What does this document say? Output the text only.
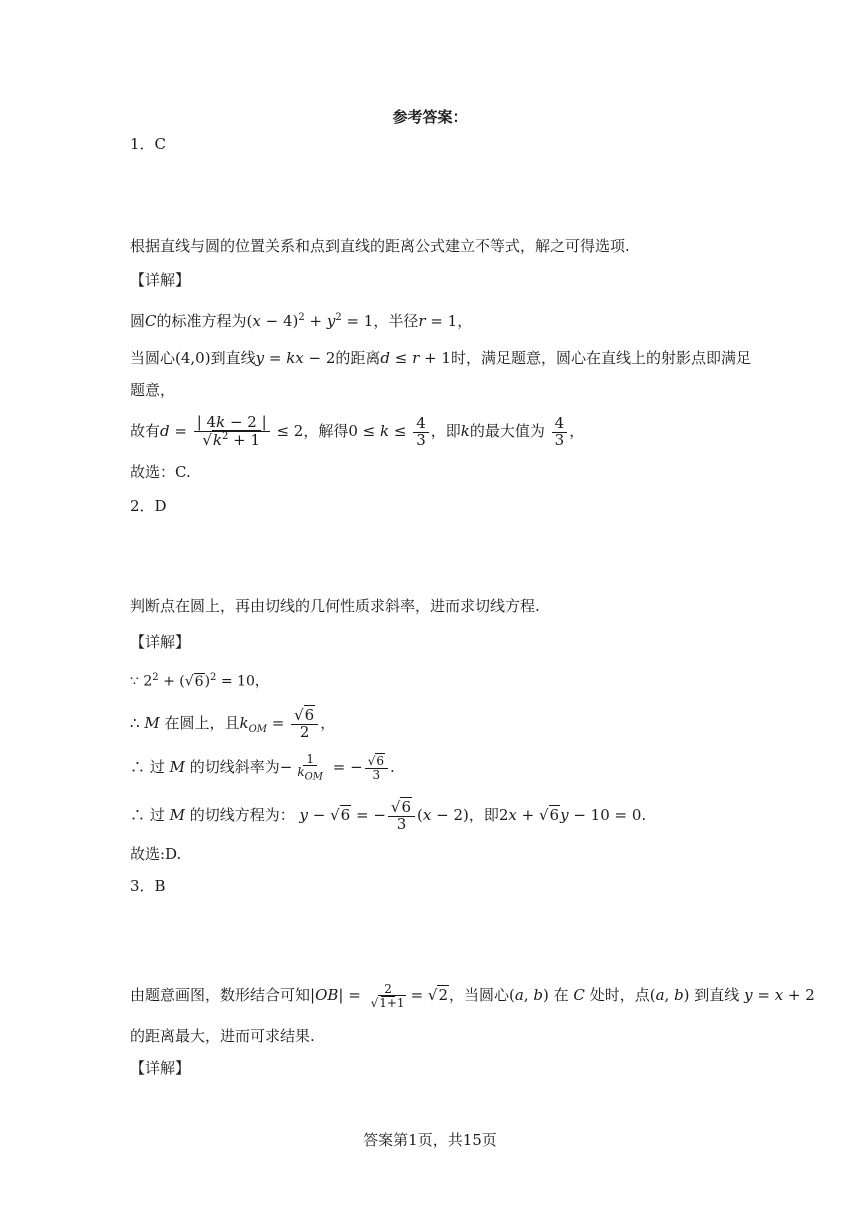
参考答案：
1．C
根据直线与圆的位置关系和点到直线的距离公式建立不等式，解之可得选项.
【详解】
圆C的标准方程为$(x - 4)^2 + y^2 = 1$，半径r = 1，
当圆心(4,0)到直线y = kx − 2的距离d ≤ r + 1时，满足题意，圆心在直线上的射影点即满足
题意，
故有$d = \frac{| 4k - 2 |}{√k^2 + 1} \le 2$，解得$0 \le k \le \frac{4}{3}$ ，即k的最大值为 $\frac{4}{3}$ ，
故选：C.
2．D
判断点在圆上，再由切线的几何性质求斜率，进而求切线方程.
【详解】
∵ $2^2 + (√6)^2 = 10$，
∴ M 在圆上，且$k_{OM} = \frac{√6}{2}$ ，
∴ 过 M 的切线斜率为− $\frac{1}{k_{OM}}$ = − $\frac{√6}{3}$ .
∴ 过 M 的切线方程为： y − √6 = − $\frac{√6}{3} (x - 2)$，即2x + √6y − 10 = 0.
故选:D.
3．B
由题意画图，数形结合可知$|OB| = \frac{2}{√1+1} = √2$，当圆心(a, b) 在 C 处时，点(a, b) 到直线 y = x + 2
的距离最大，进而可求结果.
【详解】
答案第1页，共15页
